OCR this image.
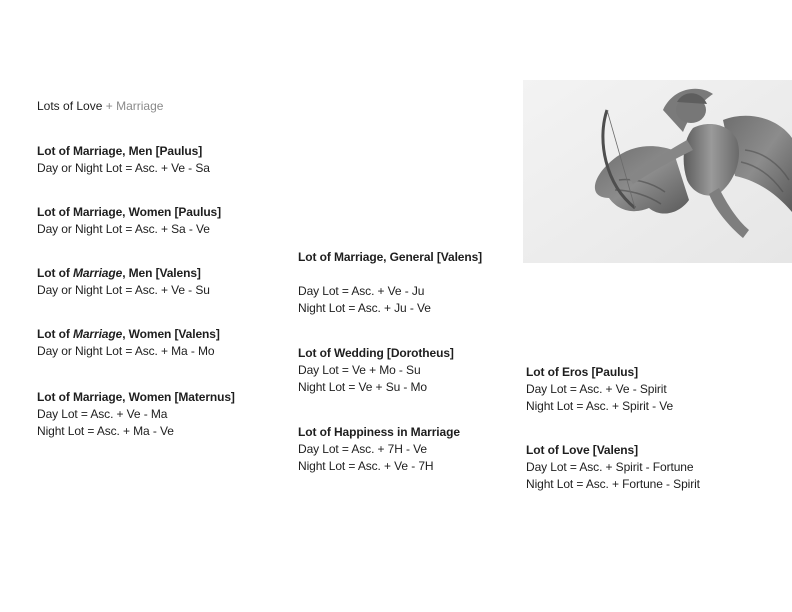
Lots of Love + Marriage
Lot of Marriage, Men [Paulus]
Day or Night Lot = Asc. + Ve - Sa
Lot of Marriage, Women [Paulus]
Day or Night Lot = Asc. + Sa - Ve
Lot of Marriage, Men [Valens]
Day or Night Lot = Asc. + Ve - Su
Lot of Marriage, Women [Valens]
Day or Night Lot = Asc. + Ma - Mo
Lot of Marriage, Women [Maternus]
Day Lot = Asc. + Ve - Ma
Night Lot = Asc. + Ma - Ve
Lot of Marriage, General [Valens]
Day Lot = Asc. + Ve - Ju
Night Lot = Asc. + Ju - Ve
Lot of Wedding [Dorotheus]
Day Lot = Ve + Mo - Su
Night Lot = Ve + Su - Mo
Lot of Happiness in Marriage
Day Lot = Asc. + 7H - Ve
Night Lot = Asc. + Ve - 7H
Lot of Eros [Paulus]
Day Lot = Asc. + Ve - Spirit
Night Lot = Asc. + Spirit - Ve
Lot of Love [Valens]
Day Lot = Asc. + Spirit - Fortune
Night Lot = Asc. + Fortune - Spirit
